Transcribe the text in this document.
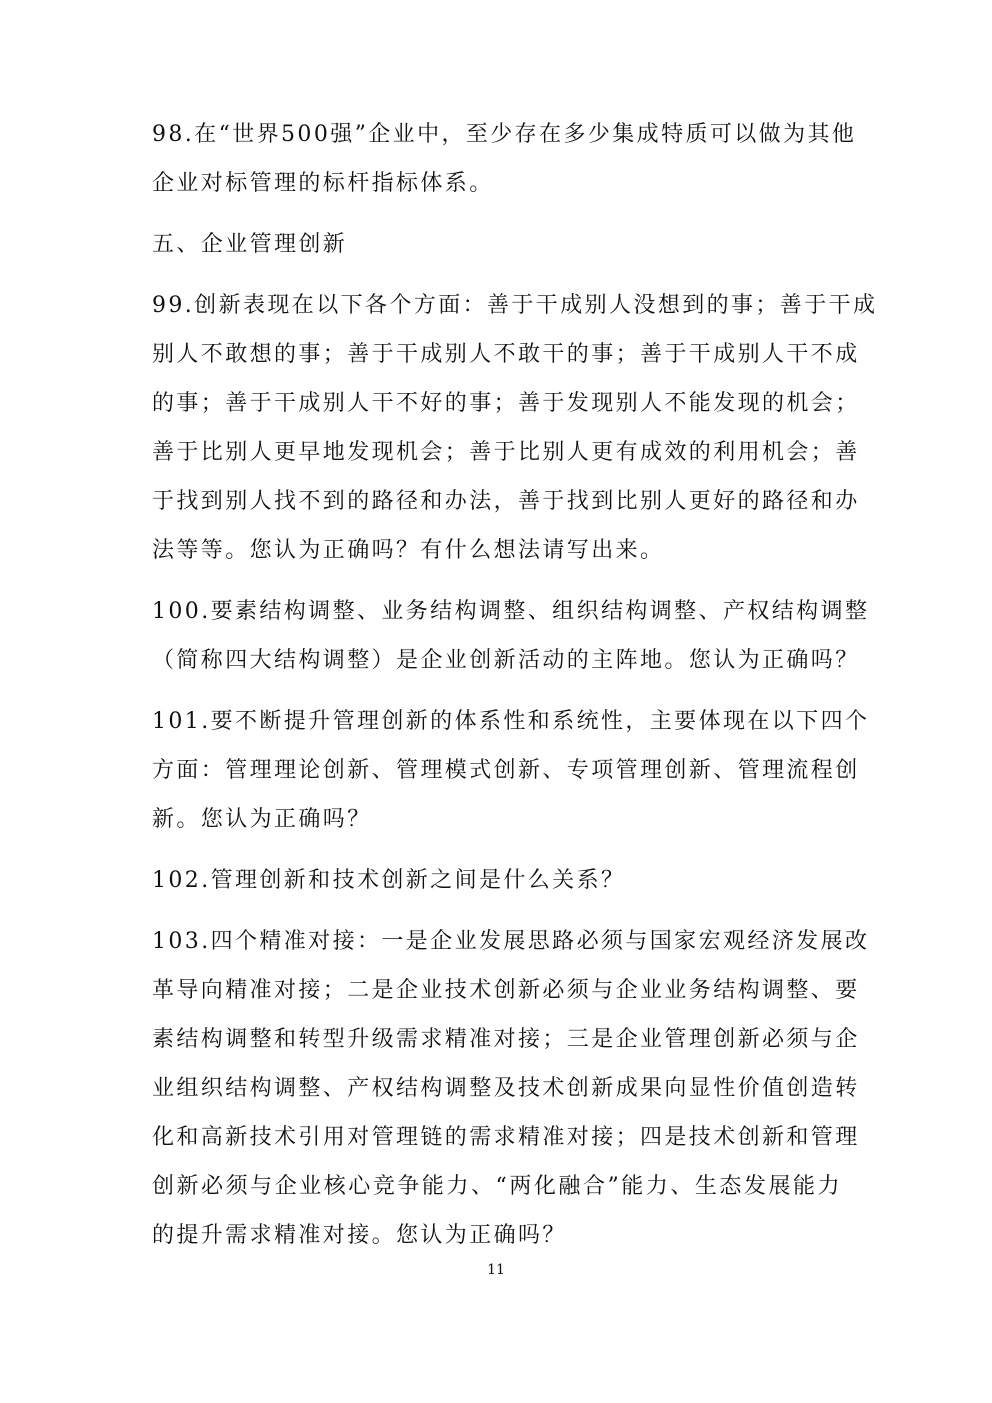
98.在“世界500强”企业中，至少存在多少集成特质可以做为其他
企业对标管理的标杆指标体系。

五、企业管理创新

99.创新表现在以下各个方面：善于干成别人没想到的事；善于干成
别人不敢想的事；善于干成别人不敢干的事；善于干成别人干不成
的事；善于干成别人干不好的事；善于发现别人不能发现的机会；
善于比别人更早地发现机会；善于比别人更有成效的利用机会；善
于找到别人找不到的路径和办法，善于找到比别人更好的路径和办
法等等。您认为正确吗？有什么想法请写出来。

100.要素结构调整、业务结构调整、组织结构调整、产权结构调整
（简称四大结构调整）是企业创新活动的主阵地。您认为正确吗？

101.要不断提升管理创新的体系性和系统性，主要体现在以下四个
方面：管理理论创新、管理模式创新、专项管理创新、管理流程创
新。您认为正确吗？

102.管理创新和技术创新之间是什么关系？

103.四个精准对接：一是企业发展思路必须与国家宏观经济发展改
革导向精准对接；二是企业技术创新必须与企业业务结构调整、要
素结构调整和转型升级需求精准对接；三是企业管理创新必须与企
业组织结构调整、产权结构调整及技术创新成果向显性价值创造转
化和高新技术引用对管理链的需求精准对接；四是技术创新和管理
创新必须与企业核心竞争能力、“两化融合”能力、生态发展能力
的提升需求精准对接。您认为正确吗？

11
